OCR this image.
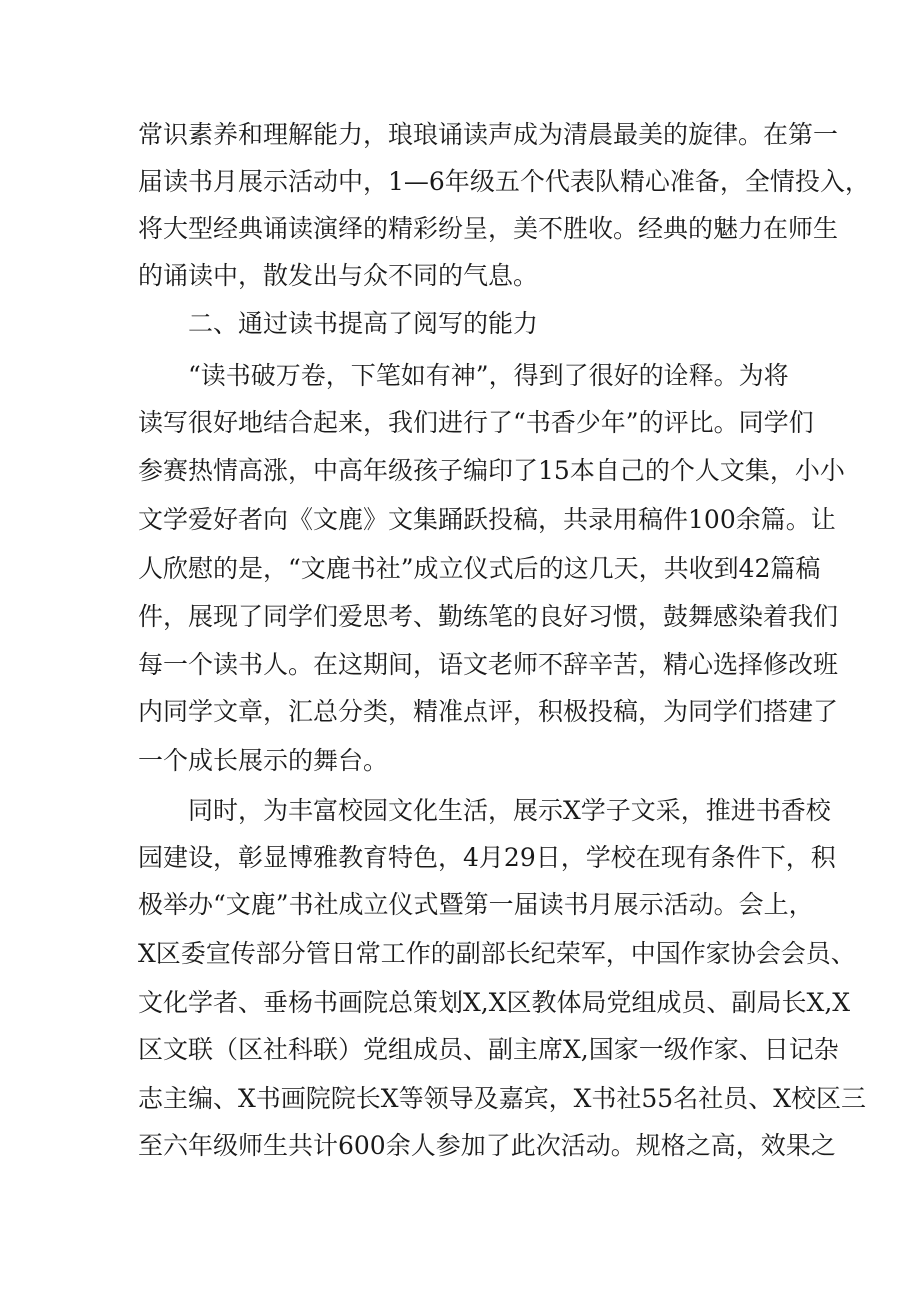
常识素养和理解能力，琅琅诵读声成为清晨最美的旋律。在第一
届读书月展示活动中，1—6年级五个代表队精心准备，全情投入，
将大型经典诵读演绎的精彩纷呈，美不胜收。经典的魅力在师生
的诵读中，散发出与众不同的气息。
二、通过读书提高了阅写的能力
“读书破万卷，下笔如有神”，得到了很好的诠释。为将
读写很好地结合起来，我们进行了“书香少年”的评比。同学们
参赛热情高涨，中高年级孩子编印了15本自己的个人文集，小小
文学爱好者向《文鹿》文集踊跃投稿，共录用稿件100余篇。让
人欣慰的是，“文鹿书社”成立仪式后的这几天，共收到42篇稿
件，展现了同学们爱思考、勤练笔的良好习惯，鼓舞感染着我们
每一个读书人。在这期间，语文老师不辞辛苦，精心选择修改班
内同学文章，汇总分类，精准点评，积极投稿，为同学们搭建了
一个成长展示的舞台。
同时，为丰富校园文化生活，展示X学子文采，推进书香校
园建设，彰显博雅教育特色，4月29日，学校在现有条件下，积
极举办“文鹿”书社成立仪式暨第一届读书月展示活动。会上，
X区委宣传部分管日常工作的副部长纪荣军，中国作家协会会员、
文化学者、垂杨书画院总策划X,X区教体局党组成员、副局长X,X
区文联（区社科联）党组成员、副主席X,国家一级作家、日记杂
志主编、X书画院院长X等领导及嘉宾，X书社55名社员、X校区三
至六年级师生共计600余人参加了此次活动。规格之高，效果之
